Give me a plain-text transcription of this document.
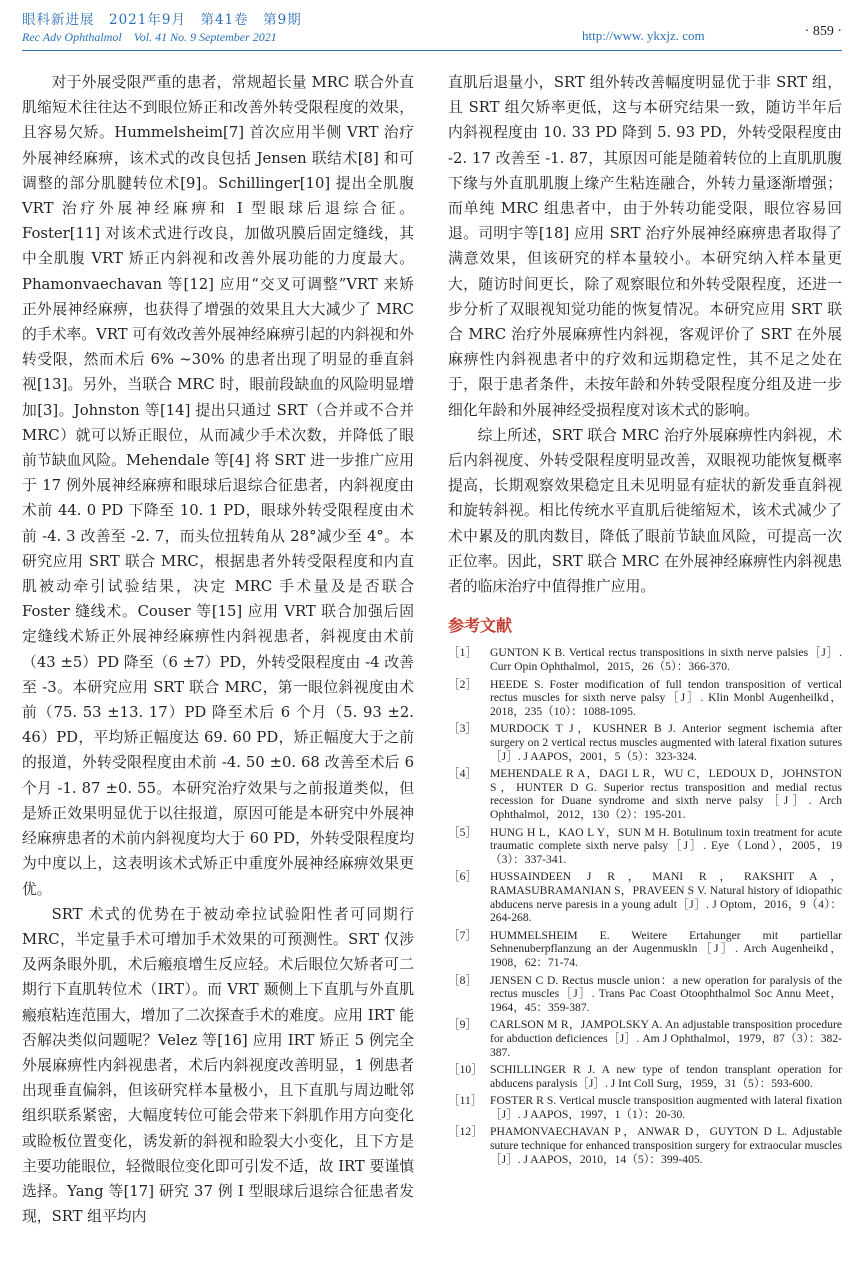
眼科新进展　2021年9月　第41卷　第9期
Rec Adv Ophthalmol　Vol. 41 No. 9 September 2021	http://www. ykxjz. com	· 859 ·

对于外展受限严重的患者，常规超长量 MRC 联合外直肌缩短术往往达不到眼位矫正和改善外转受限程度的效果，且容易欠矫。Hummelsheim[7] 首次应用半侧 VRT 治疗外展神经麻痹，该术式的改良包括 Jensen 联结术[8] 和可调整的部分肌腱转位术[9]。Schillinger[10] 提出全肌腹 VRT 治疗外展神经麻痹和 I 型眼球后退综合征。Foster[11] 对该术式进行改良，加做巩膜后固定缝线，其中全肌腹 VRT 矫正内斜视和改善外展功能的力度最大。Phamonvaechavan 等[12] 应用“交叉可调整”VRT 来矫正外展神经麻痹，也获得了增强的效果且大大减少了 MRC 的手术率。VRT 可有效改善外展神经麻痹引起的内斜视和外转受限，然而术后 6% ~30% 的患者出现了明显的垂直斜视[13]。另外，当联合 MRC 时，眼前段缺血的风险明显增加[3]。Johnston 等[14] 提出只通过 SRT（合并或不合并 MRC）就可以矫正眼位，从而减少手术次数，并降低了眼前节缺血风险。Mehendale 等[4] 将 SRT 进一步推广应用于 17 例外展神经麻痹和眼球后退综合征患者，内斜视度由术前 44. 0 PD 下降至 10. 1 PD，眼球外转受限程度由术前 -4. 3 改善至 -2. 7，而头位扭转角从 28°减少至 4°。本研究应用 SRT 联合 MRC，根据患者外转受限程度和内直肌被动牵引试验结果，决定 MRC 手术量及是否联合 Foster 缝线术。Couser 等[15] 应用 VRT 联合加强后固定缝线术矫正外展神经麻痹性内斜视患者，斜视度由术前（43 ±5）PD 降至（6 ±7）PD，外转受限程度由 -4 改善至 -3。本研究应用 SRT 联合 MRC，第一眼位斜视度由术前（75. 53 ±13. 17）PD 降至术后 6 个月（5. 93 ±2. 46）PD，平均矫正幅度达 69. 60 PD，矫正幅度大于之前的报道，外转受限程度由术前 -4. 50 ±0. 68 改善至术后 6 个月 -1. 87 ±0. 55。本研究治疗效果与之前报道类似，但是矫正效果明显优于以往报道，原因可能是本研究中外展神经麻痹患者的术前内斜视度均大于 60 PD，外转受限程度均为中度以上，这表明该术式矫正中重度外展神经麻痹效果更优。

SRT 术式的优势在于被动牵拉试验阳性者可同期行 MRC，半定量手术可增加手术效果的可预测性。SRT 仅涉及两条眼外肌，术后瘢痕增生反应轻。术后眼位欠矫者可二期行下直肌转位术（IRT）。而 VRT 颞侧上下直肌与外直肌瘢痕粘连范围大，增加了二次探查手术的难度。应用 IRT 能否解决类似问题呢？Velez 等[16] 应用 IRT 矫正 5 例完全外展麻痹性内斜视患者，术后内斜视度改善明显，1 例患者出现垂直偏斜，但该研究样本量极小，且下直肌与周边毗邻组织联系紧密，大幅度转位可能会带来下斜肌作用方向变化或睑板位置变化，诱发新的斜视和睑裂大小变化，且下方是主要功能眼位，轻微眼位变化即可引发不适，故 IRT 要谨慎选择。Yang 等[17] 研究 37 例 I 型眼球后退综合征患者发现，SRT 组平均内

直肌后退量小，SRT 组外转改善幅度明显优于非 SRT 组，且 SRT 组欠矫率更低，这与本研究结果一致，随访半年后内斜视程度由 10. 33 PD 降到 5. 93 PD，外转受限程度由 -2. 17 改善至 -1. 87，其原因可能是随着转位的上直肌肌腹下缘与外直肌肌腹上缘产生粘连融合，外转力量逐渐增强；而单纯 MRC 组患者中，由于外转功能受限，眼位容易回退。司明宇等[18] 应用 SRT 治疗外展神经麻痹患者取得了满意效果，但该研究的样本量较小。本研究纳入样本量更大，随访时间更长，除了观察眼位和外转受限程度，还进一步分析了双眼视知觉功能的恢复情况。本研究应用 SRT 联合 MRC 治疗外展麻痹性内斜视，客观评价了 SRT 在外展麻痹性内斜视患者中的疗效和远期稳定性，其不足之处在于，限于患者条件，未按年龄和外转受限程度分组及进一步细化年龄和外展神经受损程度对该术式的影响。

综上所述，SRT 联合 MRC 治疗外展麻痹性内斜视，术后内斜视度、外转受限程度明显改善，双眼视功能恢复概率提高，长期观察效果稳定且未见明显有症状的新发垂直斜视和旋转斜视。相比传统水平直肌后徙缩短术，该术式减少了术中累及的肌肉数目，降低了眼前节缺血风险，可提高一次正位率。因此，SRT 联合 MRC 在外展神经麻痹性内斜视患者的临床治疗中值得推广应用。

参考文献
［1］	GUNTON K B. Vertical rectus transpositions in sixth nerve palsies［J］. Curr Opin Ophthalmol，2015，26（5）：366-370.
［2］	HEEDE S. Foster modification of full tendon transposition of vertical rectus muscles for sixth nerve palsy［J］. Klin Monbl Augenheilkd，2018，235（10）：1088-1095.
［3］	MURDOCK T J，KUSHNER B J. Anterior segment ischemia after surgery on 2 vertical rectus muscles augmented with lateral fixation sutures［J］. J AAPOS，2001，5（5）：323-324.
［4］	MEHENDALE R A，DAGI L R，WU C，LEDOUX D，JOHNSTON S，HUNTER D G. Superior rectus transposition and medial rectus recession for Duane syndrome and sixth nerve palsy［J］. Arch Ophthalmol，2012，130（2）：195-201.
［5］	HUNG H L，KAO L Y，SUN M H. Botulinum toxin treatment for acute traumatic complete sixth nerve palsy［J］. Eye（Lond），2005，19（3）：337-341.
［6］	HUSSAINDEEN J R，MANI R，RAKSHIT A，RAMASUBRAMANIAN S，PRAVEEN S V. Natural history of idiopathic abducens nerve paresis in a young adult［J］. J Optom，2016，9（4）：264-268.
［7］	HUMMELSHEIM E. Weitere Ertahunger mit partiellar Sehnenuberpflanzung an der Augenmuskln［J］. Arch Augenheikd，1908，62：71-74.
［8］	JENSEN C D. Rectus muscle union：a new operation for paralysis of the rectus muscles［J］. Trans Pac Coast Otoophthalmol Soc Annu Meet，1964，45：359-387.
［9］	CARLSON M R，JAMPOLSKY A. An adjustable transposition procedure for abduction deficiences［J］. Am J Ophthalmol，1979，87（3）：382-387.
［10］ SCHILLINGER R J. A new type of tendon transplant operation for abducens paralysis［J］. J Int Coll Surg，1959，31（5）：593-600.
［11］ FOSTER R S. Vertical muscle transposition augmented with lateral fixation［J］. J AAPOS，1997，1（1）：20-30.
［12］ PHAMONVAECHAVAN P，ANWAR D，GUYTON D L. Adjustable suture technique for enhanced transposition surgery for extraocular muscles［J］. J AAPOS，2010，14（5）：399-405.
